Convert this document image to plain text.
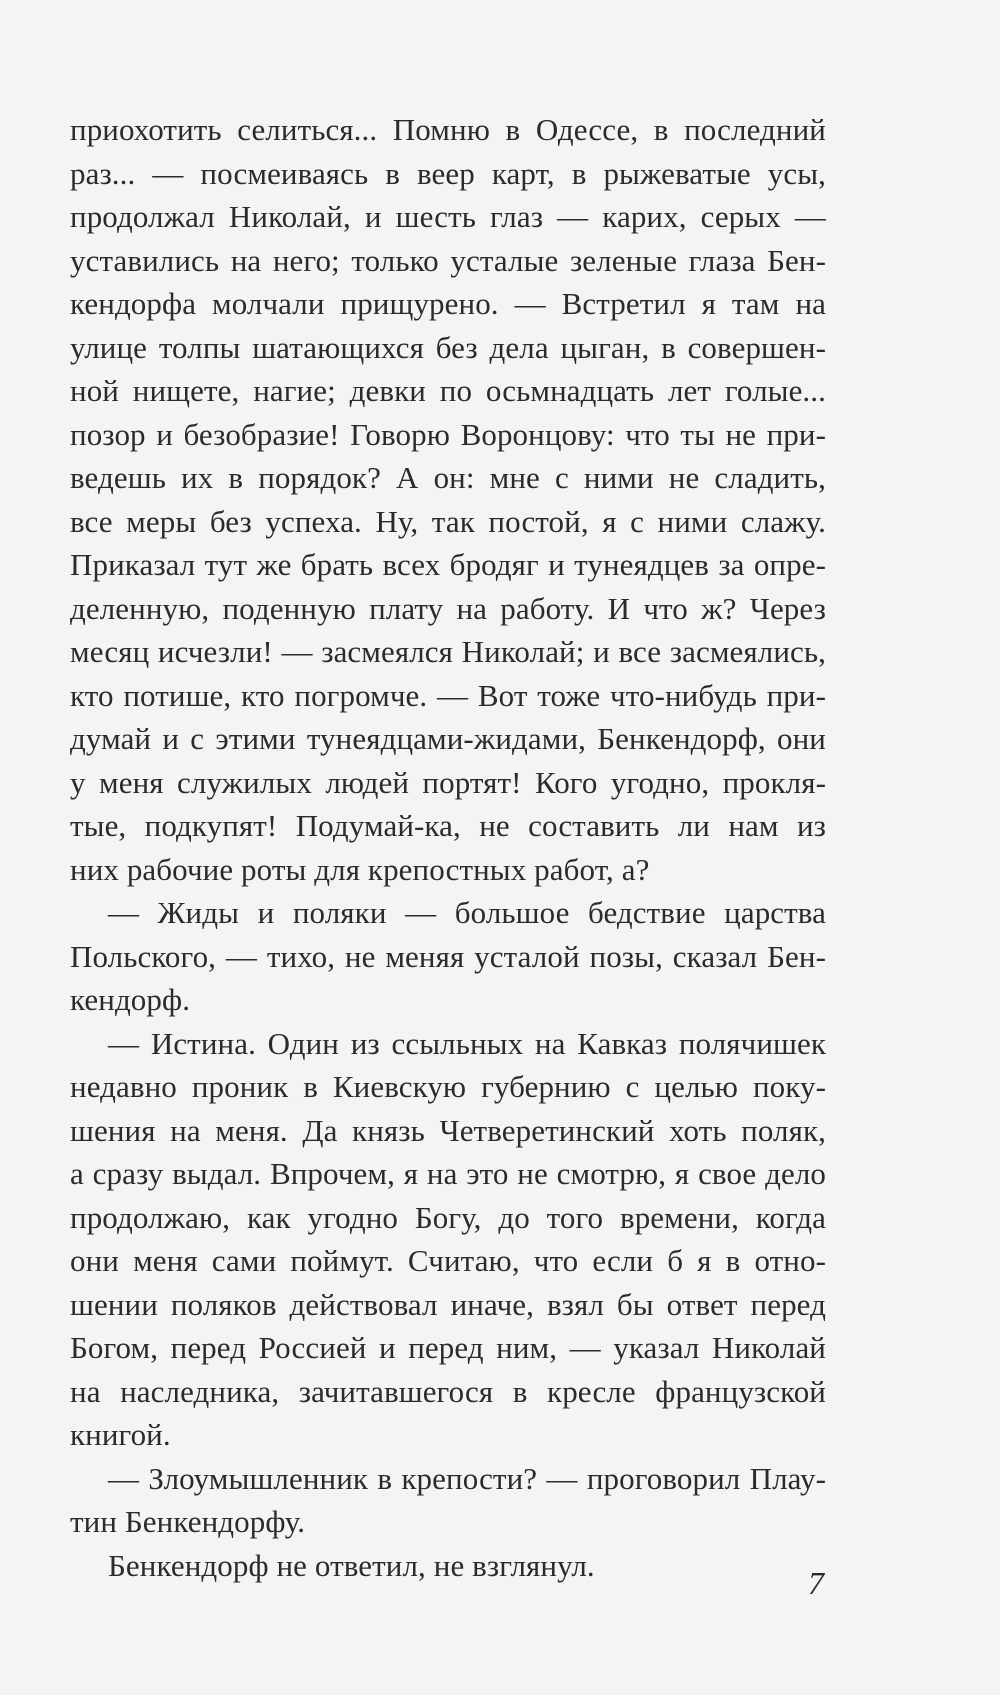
приохотить селиться... Помню в Одессе, в последний
раз... — посмеиваясь в веер карт, в рыжеватые усы,
продолжал Николай, и шесть глаз — карих, серых —
уставились на него; только усталые зеленые глаза Бен-
кендорфа молчали прищурено. — Встретил я там на
улице толпы шатающихся без дела цыган, в совершен-
ной нищете, нагие; девки по осьмнадцать лет голые...
позор и безобразие! Говорю Воронцову: что ты не при-
ведешь их в порядок? А он: мне с ними не сладить,
все меры без успеха. Ну, так постой, я с ними слажу.
Приказал тут же брать всех бродяг и тунеядцев за опре-
деленную, поденную плату на работу. И что ж? Через
месяц исчезли! — засмеялся Николай; и все засмеялись,
кто потише, кто погромче. — Вот тоже что-нибудь при-
думай и с этими тунеядцами-жидами, Бенкендорф, они
у меня служилых людей портят! Кого угодно, прокля-
тые, подкупят! Подумай-ка, не составить ли нам из
них рабочие роты для крепостных работ, а?
— Жиды и поляки — большое бедствие царства
Польского, — тихо, не меняя усталой позы, сказал Бен-
кендорф.
— Истина. Один из ссыльных на Кавказ полячишек
недавно проник в Киевскую губернию с целью поку-
шения на меня. Да князь Четверетинский хоть поляк,
а сразу выдал. Впрочем, я на это не смотрю, я свое дело
продолжаю, как угодно Богу, до того времени, когда
они меня сами поймут. Считаю, что если б я в отно-
шении поляков действовал иначе, взял бы ответ перед
Богом, перед Россией и перед ним, — указал Николай
на наследника, зачитавшегося в кресле французской
книгой.
— Злоумышленник в крепости? — проговорил Плау-
тин Бенкендорфу.
Бенкендорф не ответил, не взглянул.	7
